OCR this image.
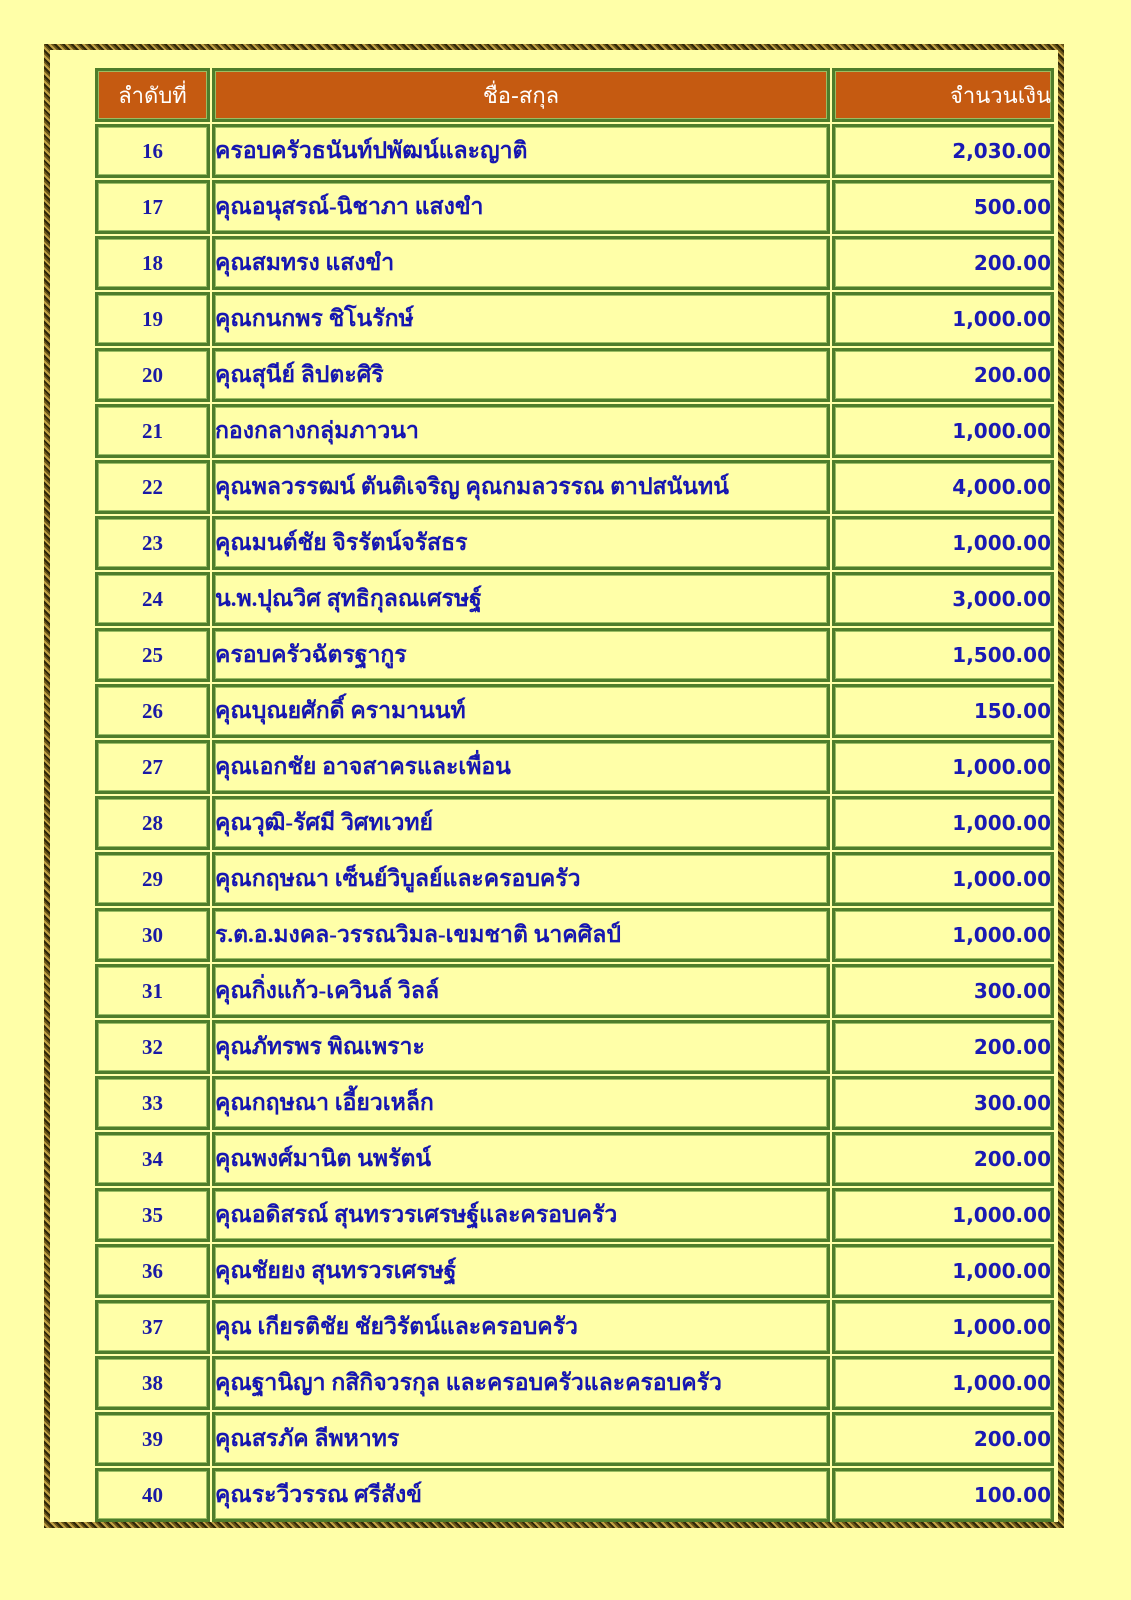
ลำดับที่	ชื่อ-สกุล	จำนวนเงิน
16	ครอบครัวธนันท์ปพัฒน์และญาติ	2,030.00
17	คุณอนุสรณ์-นิชาภา แสงขำ	500.00
18	คุณสมทรง แสงขำ	200.00
19	คุณกนกพร ชิโนรักษ์	1,000.00
20	คุณสุนีย์ ลิปตะศิริ	200.00
21	กองกลางกลุ่มภาวนา	1,000.00
22	คุณพลวรรฒน์ ตันติเจริญ คุณกมลวรรณ ตาปสนันทน์	4,000.00
23	คุณมนต์ชัย จิรรัตน์จรัสธร	1,000.00
24	น.พ.ปุณวิศ สุทธิกุลณเศรษฐ์	3,000.00
25	ครอบครัวฉัตรฐากูร	1,500.00
26	คุณบุณยศักดิ์ ครามานนท์	150.00
27	คุณเอกชัย อาจสาครและเพื่อน	1,000.00
28	คุณวุฒิ-รัศมี วิศทเวทย์	1,000.00
29	คุณกฤษณา เซ็นย์วิบูลย์และครอบครัว	1,000.00
30	ร.ต.อ.มงคล-วรรณวิมล-เขมชาติ นาคศิลป์	1,000.00
31	คุณกิ่งแก้ว-เควินล์ วิลล์	300.00
32	คุณภัทรพร พิณเพราะ	200.00
33	คุณกฤษณา เอี้ยวเหล็ก	300.00
34	คุณพงศ์มานิต นพรัตน์	200.00
35	คุณอดิสรณ์ สุนทรวรเศรษฐ์และครอบครัว	1,000.00
36	คุณชัยยง สุนทรวรเศรษฐ์	1,000.00
37	คุณ เกียรติชัย ชัยวิรัตน์และครอบครัว	1,000.00
38	คุณฐานิญา กสิกิจวรกุล และครอบครัวและครอบครัว	1,000.00
39	คุณสรภัค ลีพหาทร	200.00
40	คุณระวีวรรณ ศรีสังข์	100.00
